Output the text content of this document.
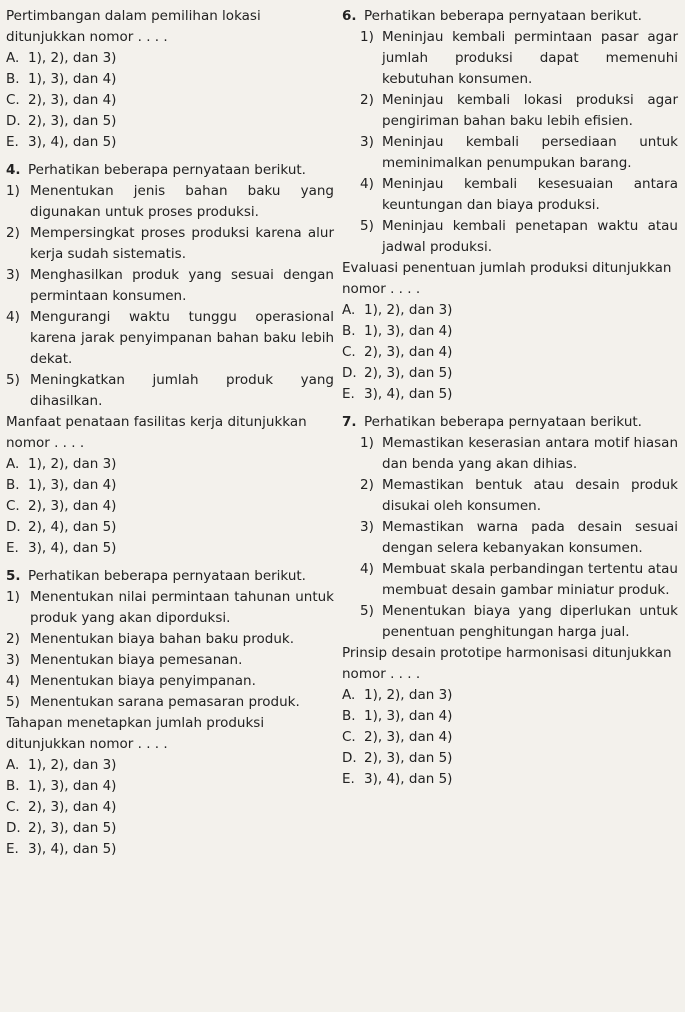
Pertimbangan dalam pemilihan lokasi ditunjukkan nomor . . . .
A. 1), 2), dan 3)
B. 1), 3), dan 4)
C. 2), 3), dan 4)
D. 2), 3), dan 5)
E. 3), 4), dan 5)
4. Perhatikan beberapa pernyataan berikut.
1) Menentukan jenis bahan baku yang digunakan untuk proses produksi.
2) Mempersingkat proses produksi karena alur kerja sudah sistematis.
3) Menghasilkan produk yang sesuai dengan permintaan konsumen.
4) Mengurangi waktu tunggu operasional karena jarak penyimpanan bahan baku lebih dekat.
5) Meningkatkan jumlah produk yang dihasilkan.
Manfaat penataan fasilitas kerja ditunjukkan nomor . . . .
A. 1), 2), dan 3)
B. 1), 3), dan 4)
C. 2), 3), dan 4)
D. 2), 4), dan 5)
E. 3), 4), dan 5)
5. Perhatikan beberapa pernyataan berikut.
1) Menentukan nilai permintaan tahunan untuk produk yang akan diporduksi.
2) Menentukan biaya bahan baku produk.
3) Menentukan biaya pemesanan.
4) Menentukan biaya penyimpanan.
5) Menentukan sarana pemasaran produk.
Tahapan menetapkan jumlah produksi ditunjukkan nomor . . . .
A. 1), 2), dan 3)
B. 1), 3), dan 4)
C. 2), 3), dan 4)
D. 2), 3), dan 5)
E. 3), 4), dan 5)
6. Perhatikan beberapa pernyataan berikut.
1) Meninjau kembali permintaan pasar agar jumlah produksi dapat memenuhi kebutuhan konsumen.
2) Meninjau kembali lokasi produksi agar pengiriman bahan baku lebih efisien.
3) Meninjau kembali persediaan untuk meminimalkan penumpukan barang.
4) Meninjau kembali kesesuaian antara keuntungan dan biaya produksi.
5) Meninjau kembali penetapan waktu atau jadwal produksi.
Evaluasi penentuan jumlah produksi ditunjukkan nomor . . . .
A. 1), 2), dan 3)
B. 1), 3), dan 4)
C. 2), 3), dan 4)
D. 2), 3), dan 5)
E. 3), 4), dan 5)
7. Perhatikan beberapa pernyataan berikut.
1) Memastikan keserasian antara motif hiasan dan benda yang akan dihias.
2) Memastikan bentuk atau desain produk disukai oleh konsumen.
3) Memastikan warna pada desain sesuai dengan selera kebanyakan konsumen.
4) Membuat skala perbandingan tertentu atau membuat desain gambar miniatur produk.
5) Menentukan biaya yang diperlukan untuk penentuan penghitungan harga jual.
Prinsip desain prototipe harmonisasi ditunjukkan nomor . . . .
A. 1), 2), dan 3)
B. 1), 3), dan 4)
C. 2), 3), dan 4)
D. 2), 3), dan 5)
E. 3), 4), dan 5)
